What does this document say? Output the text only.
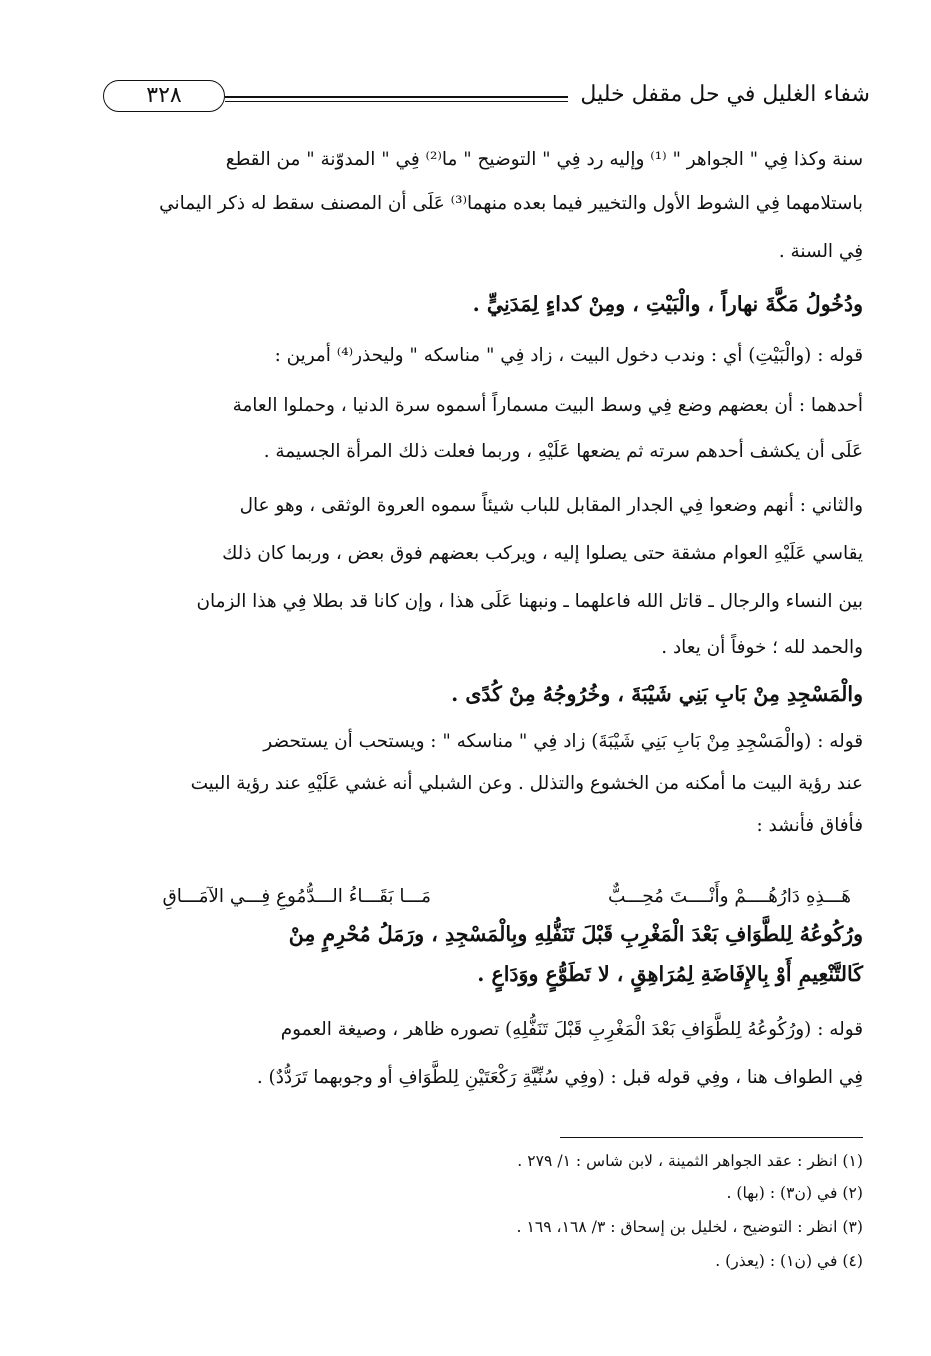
شفاء الغليل في حل مقفل خليل
٣٢٨
سنة وكذا فِي " الجواهر " ⁽¹⁾ وإليه رد فِي " التوضيح " ما⁽²⁾ فِي " المدوّنة " من القطع
باستلامهما فِي الشوط الأول والتخيير فيما بعده منهما⁽³⁾ عَلَى أن المصنف سقط له ذكر اليماني
فِي السنة .
ودُخُولُ مَكَّةَ نهاراً ، والْبَيْتِ ، ومِنْ كداءٍ لِمَدَنِيٍّ .
قوله : (والْبَيْتِ) أي : وندب دخول البيت ، زاد فِي " مناسكه " وليحذر⁽⁴⁾ أمرين :
أحدهما : أن بعضهم وضع فِي وسط البيت مسماراً أسموه سرة الدنيا ، وحملوا العامة
عَلَى أن يكشف أحدهم سرته ثم يضعها عَلَيْهِ ، وربما فعلت ذلك المرأة الجسيمة .
والثاني : أنهم وضعوا فِي الجدار المقابل للباب شيئاً سموه العروة الوثقى ، وهو عال
يقاسي عَلَيْهِ العوام مشقة حتى يصلوا إليه ، ويركب بعضهم فوق بعض ، وربما كان ذلك
بين النساء والرجال ـ قاتل الله فاعلهما ـ ونبهنا عَلَى هذا ، وإن كانا قد بطلا فِي هذا الزمان
والحمد لله ؛ خوفاً أن يعاد .
والْمَسْجِدِ مِنْ بَابِ بَنِي شَيْبَةَ ، وخُرُوجُهُ مِنْ كُدًى .
قوله : (والْمَسْجِدِ مِنْ بَابِ بَنِي شَيْبَةَ) زاد فِي " مناسكه " : ويستحب أن يستحضر
عند رؤية البيت ما أمكنه من الخشوع والتذلل . وعن الشبلي أنه غشي عَلَيْهِ عند رؤية البيت
فأفاق فأنشد :
هَـــذِهِ دَارُهُــــمْ وأَنْــــتَ مُحِـــبٌّ
مَـــا بَقَـــاءُ الـــدُّمُوعِ فِـــي الآمَـــاقِ
ورُكُوعُهُ لِلطَّوَافِ بَعْدَ الْمَغْرِبِ قَبْلَ تَنَفُّلِهِ وبِالْمَسْجِدِ ، ورَمَلُ مُحْرِمٍ مِنْ
كَالتَّنْعِيمِ أَوْ بِالإِفَاضَةِ لِمُرَاهِقٍ ، لا تَطَوُّعٍ ووَدَاعٍ .
قوله : (ورُكُوعُهُ لِلطَّوَافِ بَعْدَ الْمَغْرِبِ قَبْلَ تَنَفُّلِهِ) تصوره ظاهر ، وصيغة العموم
فِي الطواف هنا ، وفِي قوله قبل : (وفِي سُنِّيَّةِ رَكْعَتَيْنِ لِلطَّوَافِ أو وجوبهما تَرَدُّدٌ) .
(١) انظر : عقد الجواهر الثمينة ، لابن شاس : ١/ ٢٧٩ .
(٢) في (ن٣) : (بها) .
(٣) انظر : التوضيح ، لخليل بن إسحاق : ٣/ ١٦٨، ١٦٩ .
(٤) في (ن١) : (يعذر) .
